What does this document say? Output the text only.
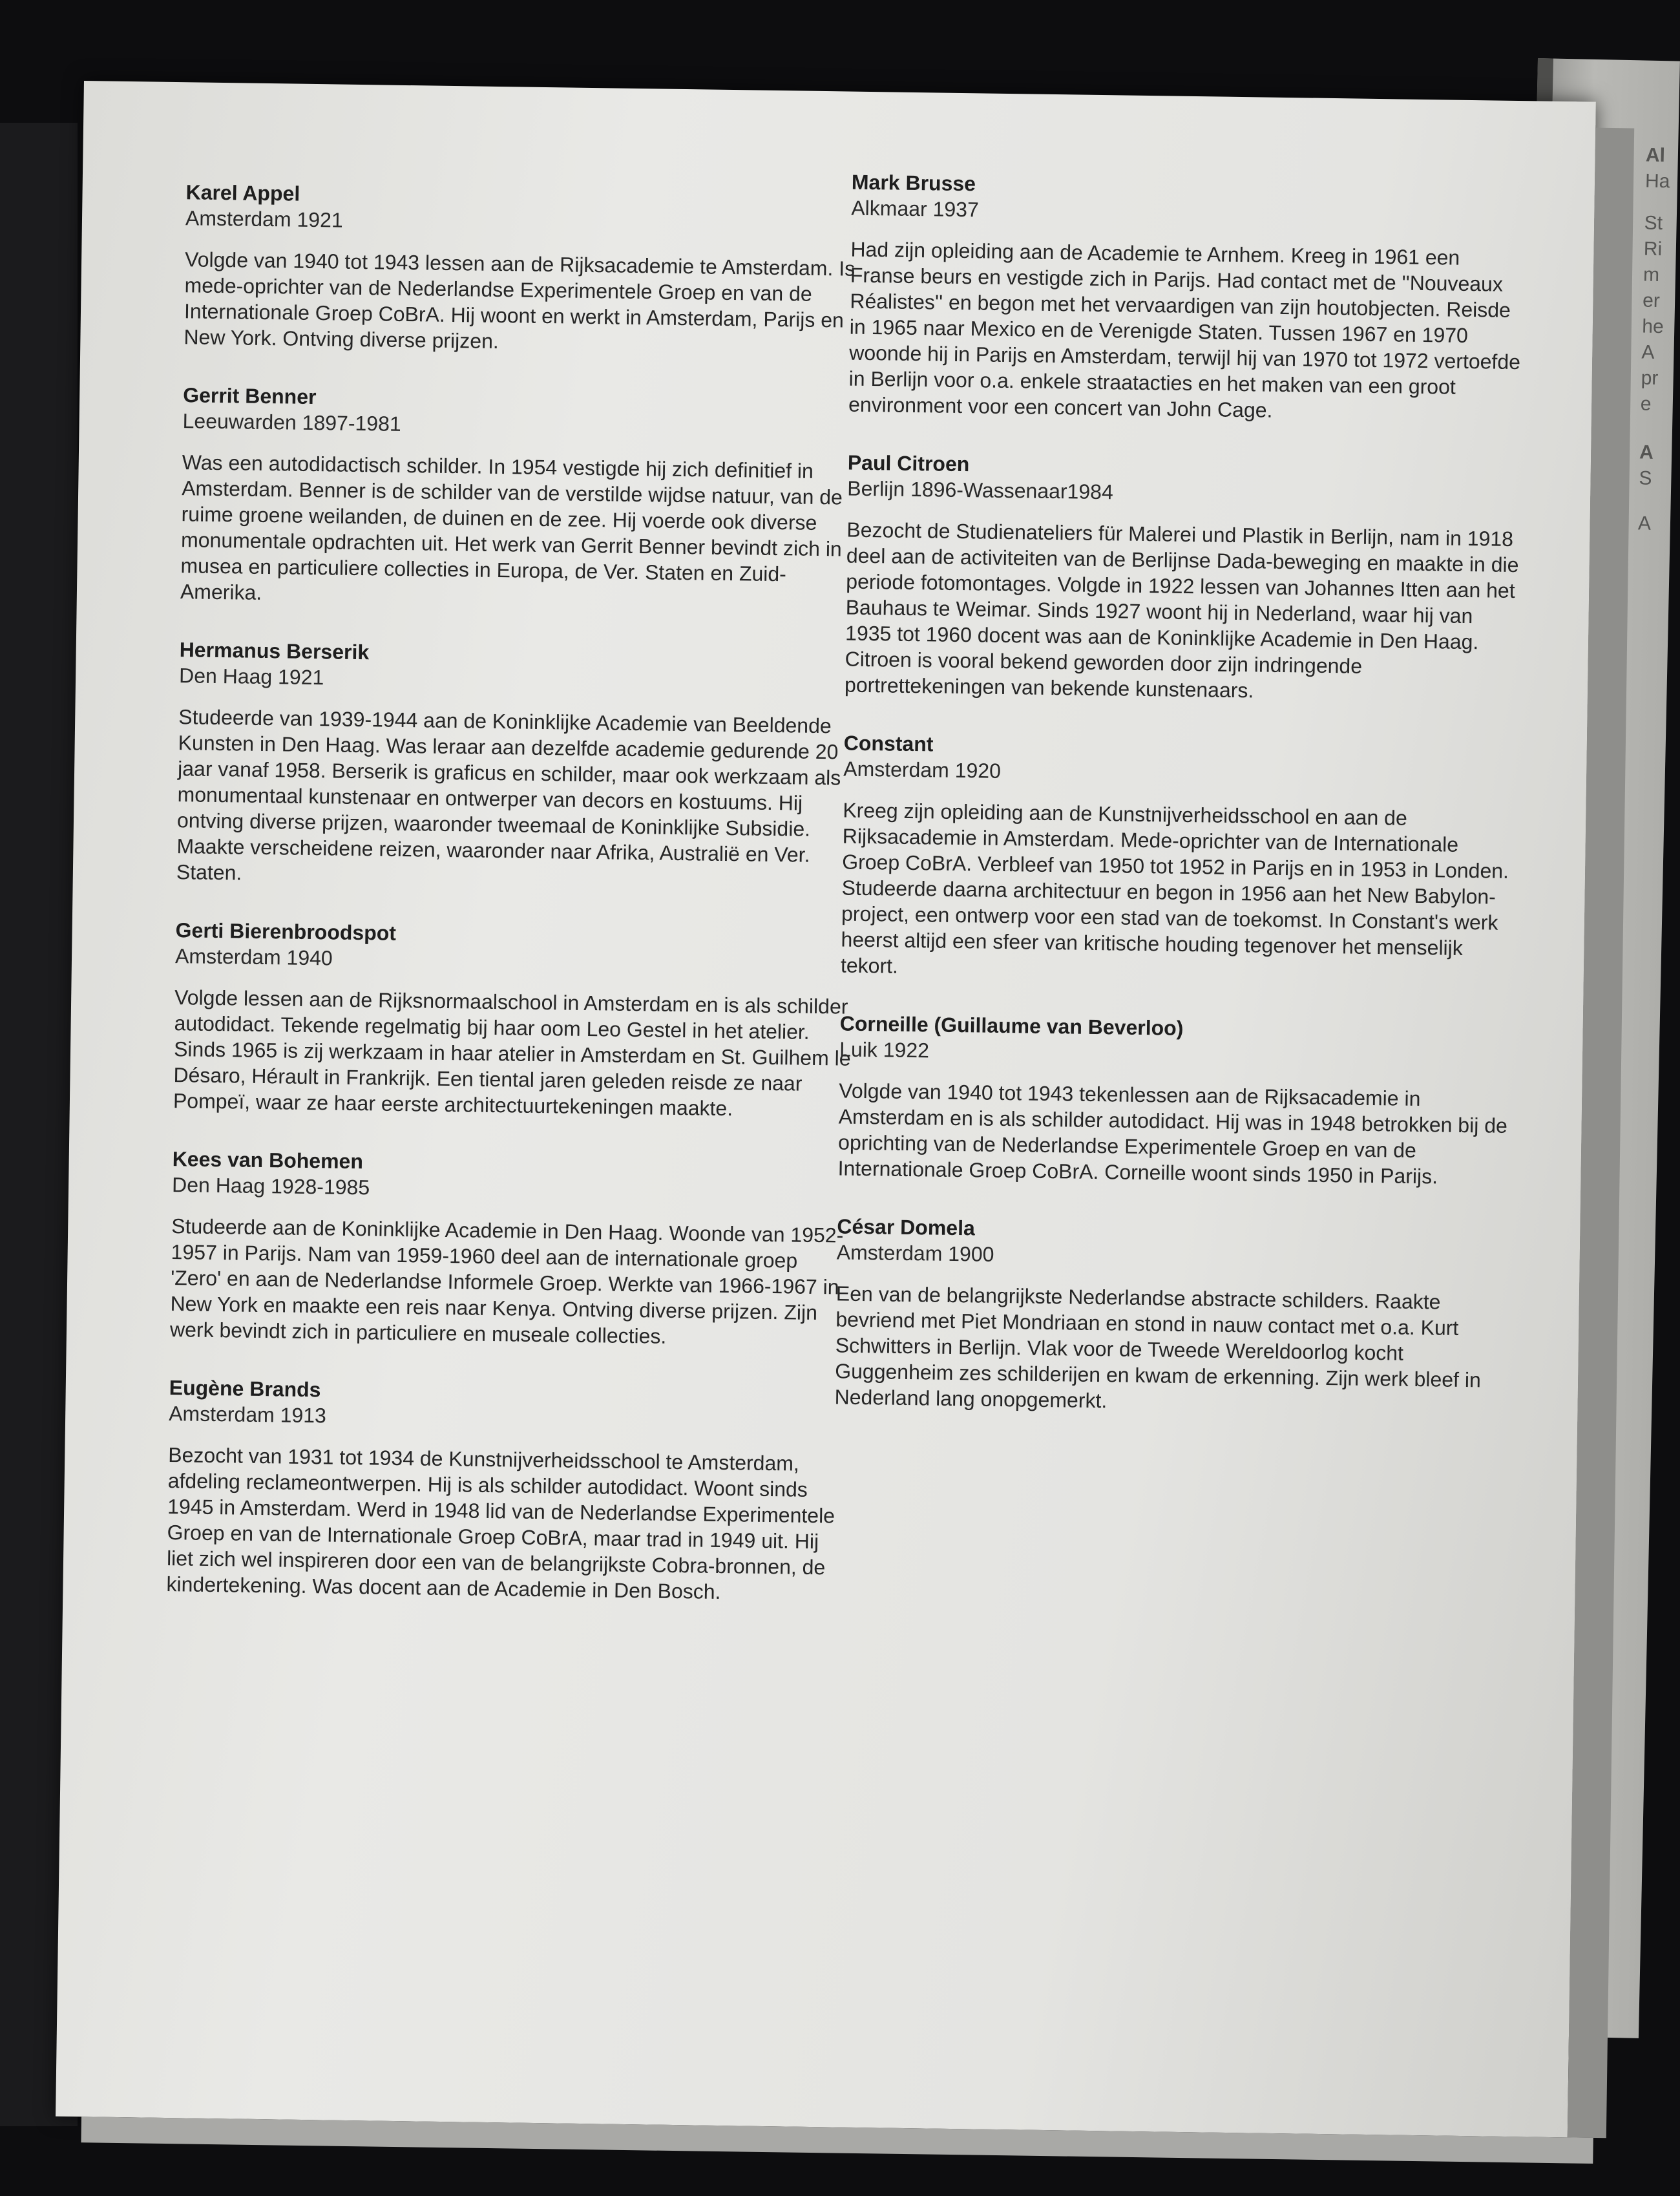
Al
Ha
St
Ri
m
er
he
A
pr
e
A
S
A

Karel Appel

Amsterdam 1921

Volgde van 1940 tot 1943 lessen aan de Rijksacademie te Amsterdam. Is mede-oprichter van de Nederlandse Experimentele Groep en van de Internationale Groep CoBrA. Hij woont en werkt in Amsterdam, Parijs en New York. Ontving diverse prijzen.

Gerrit Benner

Leeuwarden 1897-1981

Was een autodidactisch schilder. In 1954 vestigde hij zich definitief in Amsterdam. Benner is de schilder van de verstilde wijdse natuur, van de ruime groene weilanden, de duinen en de zee. Hij voerde ook diverse monumentale opdrachten uit. Het werk van Gerrit Benner bevindt zich in musea en particuliere collecties in Europa, de Ver. Staten en Zuid-Amerika.

Hermanus Berserik

Den Haag 1921

Studeerde van 1939-1944 aan de Koninklijke Academie van Beeldende Kunsten in Den Haag. Was leraar aan dezelfde academie gedurende 20 jaar vanaf 1958. Berserik is graficus en schilder, maar ook werkzaam als monumentaal kunstenaar en ontwerper van decors en kostuums. Hij ontving diverse prijzen, waaronder tweemaal de Koninklijke Subsidie. Maakte verscheidene reizen, waaronder naar Afrika, Australië en Ver. Staten.

Gerti Bierenbroodspot

Amsterdam 1940

Volgde lessen aan de Rijksnormaalschool in Amsterdam en is als schilder autodidact. Tekende regelmatig bij haar oom Leo Gestel in het atelier. Sinds 1965 is zij werkzaam in haar atelier in Amsterdam en St. Guilhem le Désaro, Hérault in Frankrijk. Een tiental jaren geleden reisde ze naar Pompeï, waar ze haar eerste architectuurtekeningen maakte.

Kees van Bohemen

Den Haag 1928-1985

Studeerde aan de Koninklijke Academie in Den Haag. Woonde van 1952-1957 in Parijs. Nam van 1959-1960 deel aan de internationale groep 'Zero' en aan de Nederlandse Informele Groep. Werkte van 1966-1967 in New York en maakte een reis naar Kenya. Ontving diverse prijzen. Zijn werk bevindt zich in particuliere en museale collecties.

Eugène Brands

Amsterdam 1913

Bezocht van 1931 tot 1934 de Kunstnijverheidsschool te Amsterdam, afdeling reclameontwerpen. Hij is als schilder autodidact. Woont sinds 1945 in Amsterdam. Werd in 1948 lid van de Nederlandse Experimentele Groep en van de Internationale Groep CoBrA, maar trad in 1949 uit. Hij liet zich wel inspireren door een van de belangrijkste Cobra-bronnen, de kindertekening. Was docent aan de Academie in Den Bosch.

Mark Brusse

Alkmaar 1937

Had zijn opleiding aan de Academie te Arnhem. Kreeg in 1961 een Franse beurs en vestigde zich in Parijs. Had contact met de ''Nouveaux Réalistes'' en begon met het vervaardigen van zijn houtobjecten. Reisde in 1965 naar Mexico en de Verenigde Staten. Tussen 1967 en 1970 woonde hij in Parijs en Amsterdam, terwijl hij van 1970 tot 1972 vertoefde in Berlijn voor o.a. enkele straatacties en het maken van een groot environment voor een concert van John Cage.

Paul Citroen

Berlijn 1896-Wassenaar1984

Bezocht de Studienateliers für Malerei und Plastik in Berlijn, nam in 1918 deel aan de activiteiten van de Berlijnse Dada-beweging en maakte in die periode fotomontages. Volgde in 1922 lessen van Johannes Itten aan het Bauhaus te Weimar. Sinds 1927 woont hij in Nederland, waar hij van 1935 tot 1960 docent was aan de Koninklijke Academie in Den Haag. Citroen is vooral bekend geworden door zijn indringende portrettekeningen van bekende kunstenaars.

Constant

Amsterdam 1920

Kreeg zijn opleiding aan de Kunstnijverheidsschool en aan de Rijksacademie in Amsterdam. Mede-oprichter van de Internationale Groep CoBrA. Verbleef van 1950 tot 1952 in Parijs en in 1953 in Londen. Studeerde daarna architectuur en begon in 1956 aan het New Babylon-project, een ontwerp voor een stad van de toekomst. In Constant's werk heerst altijd een sfeer van kritische houding tegenover het menselijk tekort.

Corneille (Guillaume van Beverloo)

Luik 1922

Volgde van 1940 tot 1943 tekenlessen aan de Rijksacademie in Amsterdam en is als schilder autodidact. Hij was in 1948 betrokken bij de oprichting van de Nederlandse Experimentele Groep en van de Internationale Groep CoBrA. Corneille woont sinds 1950 in Parijs.

César Domela

Amsterdam 1900

Een van de belangrijkste Nederlandse abstracte schilders. Raakte bevriend met Piet Mondriaan en stond in nauw contact met o.a. Kurt Schwitters in Berlijn. Vlak voor de Tweede Wereldoorlog kocht Guggenheim zes schilderijen en kwam de erkenning. Zijn werk bleef in Nederland lang onopgemerkt.
